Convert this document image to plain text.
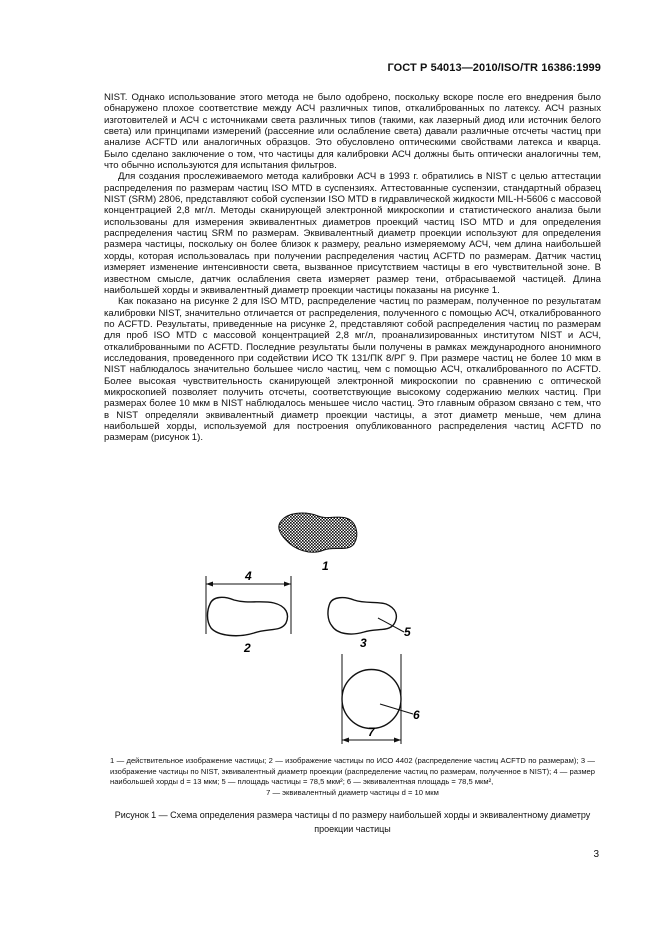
ГОСТ Р 54013—2010/ISO/TR 16386:1999

NIST. Однако использование этого метода не было одобрено, поскольку вскоре после его внедрения было обнаружено плохое соответствие между АСЧ различных типов, откалиброванных по латексу. АСЧ разных изготовителей и АСЧ с источниками света различных типов (такими, как лазерный диод или источник белого света) или принципами измерений (рассеяние или ослабление света) давали различные отсчеты частиц при анализе ACFTD или аналогичных образцов. Это обусловлено оптическими свойствами латекса и кварца. Было сделано заключение о том, что частицы для калибровки АСЧ должны быть оптически аналогичны тем, что обычно используются для испытания фильтров.

Для создания прослеживаемого метода калибровки АСЧ в 1993 г. обратились в NIST с целью аттестации распределения по размерам частиц ISO MTD в суспензиях. Аттестованные суспензии, стандартный образец NIST (SRM) 2806, представляют собой суспензии ISO MTD в гидравлической жидкости MIL-H-5606 с массовой концентрацией 2,8 мг/л. Методы сканирующей электронной микроскопии и статистического анализа были использованы для измерения эквивалентных диаметров проекций частиц ISO MTD и для определения распределения частиц SRM по размерам. Эквивалентный диаметр проекции используют для определения размера частицы, поскольку он более близок к размеру, реально измеряемому АСЧ, чем длина наибольшей хорды, которая использовалась при получении распределения частиц ACFTD по размерам. Датчик частиц измеряет изменение интенсивности света, вызванное присутствием частицы в его чувствительной зоне. В известном смысле, датчик ослабления света измеряет размер тени, отбрасываемой частицей. Длина наибольшей хорды и эквивалентный диаметр проекции частицы показаны на рисунке 1.

Как показано на рисунке 2 для ISO MTD, распределение частиц по размерам, полученное по результатам калибровки NIST, значительно отличается от распределения, полученного с помощью АСЧ, откалиброванного по ACFTD. Результаты, приведенные на рисунке 2, представляют собой распределения частиц по размерам для проб ISO MTD с массовой концентрацией 2,8 мг/л, проанализированных институтом NIST и АСЧ, откалиброванными по ACFTD. Последние результаты были получены в рамках международного анонимного исследования, проведенного при содействии ИСО ТК 131/ПК 8/РГ 9. При размере частиц не более 10 мкм в NIST наблюдалось значительно большее число частиц, чем с помощью АСЧ, откалиброванного по ACFTD. Более высокая чувствительность сканирующей электронной микроскопии по сравнению с оптической микроскопией позволяет получить отсчеты, соответствующие высокому содержанию мелких частиц. При размерах более 10 мкм в NIST наблюдалось меньшее число частиц. Это главным образом связано с тем, что в NIST определяли эквивалентный диаметр проекции частицы, а этот диаметр меньше, чем длина наибольшей хорды, используемой для построения опубликованного распределения частиц ACFTD по размерам (рисунок 1).

1
4
2
5
3
6
7
1 — действительное изображение частицы; 2 — изображение частицы по ИСО 4402 (распределение частиц ACFTD по размерам); 3 — изображение частицы по NIST, эквивалентный диаметр проекции (распределение частиц по размерам, полученное в NIST); 4 — размер наибольшей хорды d = 13 мкм; 5 — площадь частицы = 78,5 мкм²; 6 — эквивалентная площадь = 78,5 мкм²,
7 — эквивалентный диаметр частицы d = 10 мкм
Рисунок 1 — Схема определения размера частицы d по размеру наибольшей хорды и эквивалентному диаметру проекции частицы
3
